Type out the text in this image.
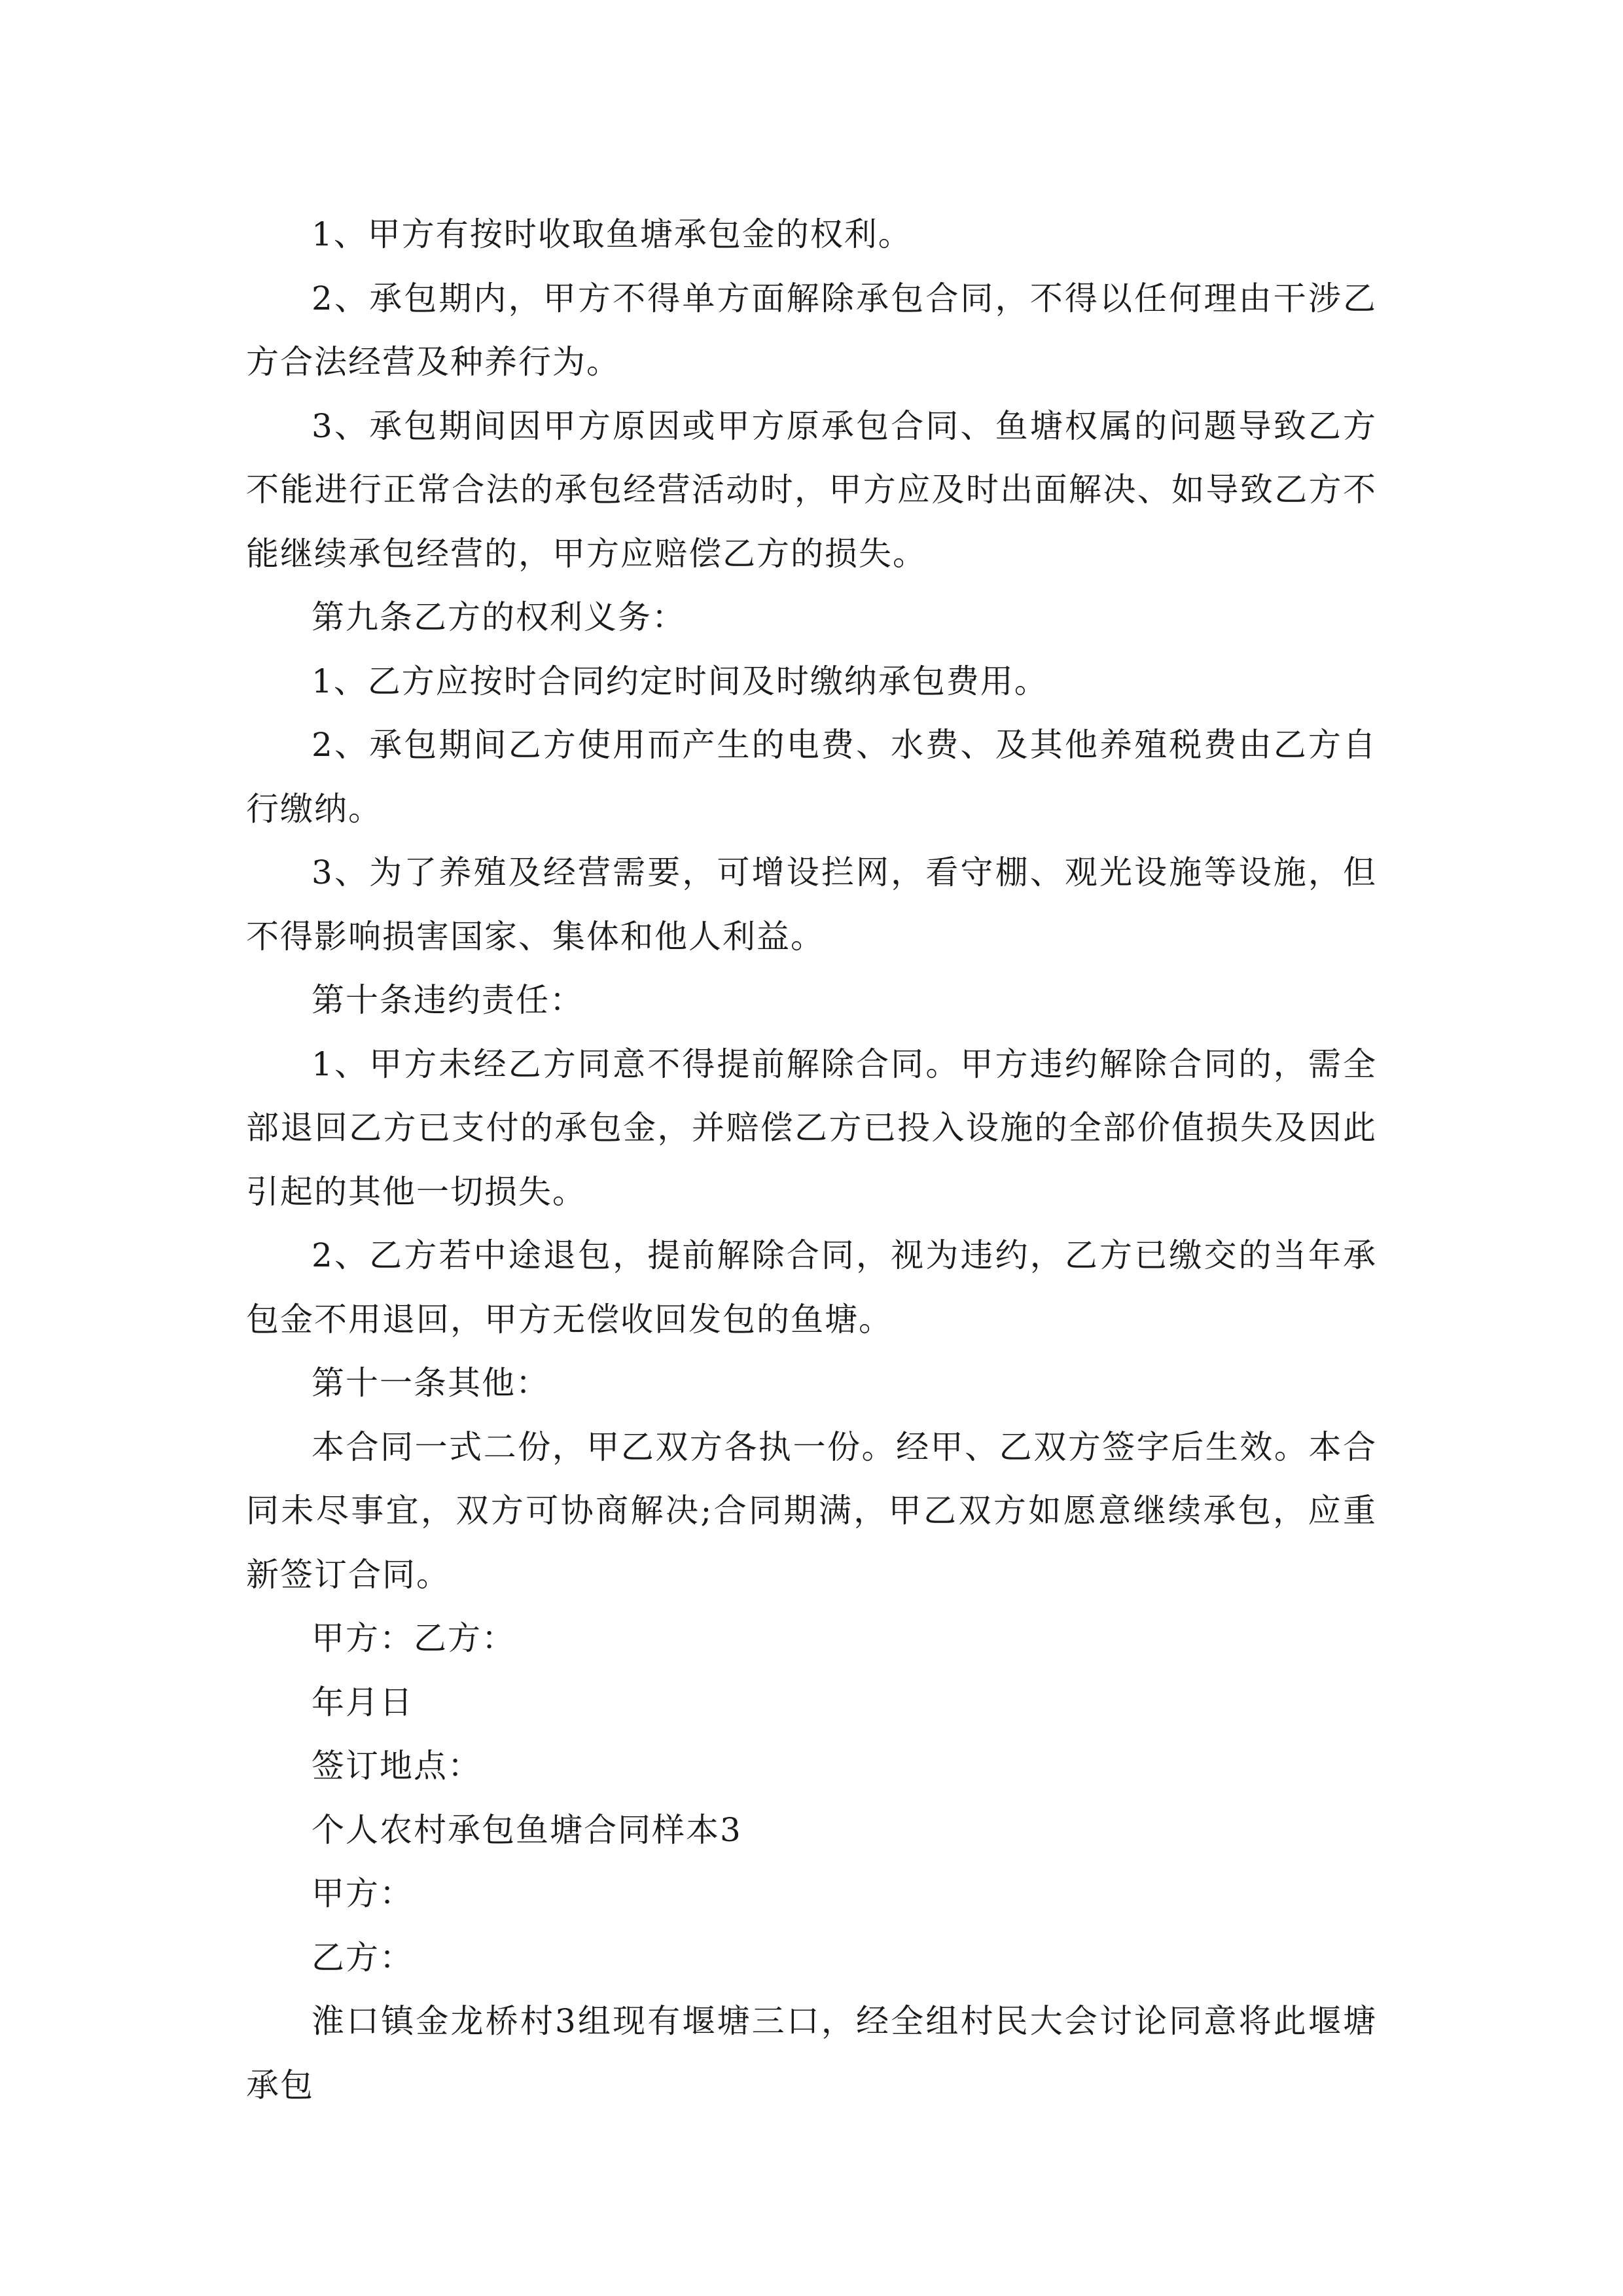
1、甲方有按时收取鱼塘承包金的权利。

2、承包期内，甲方不得单方面解除承包合同，不得以任何理由干涉乙方合法经营及种养行为。

3、承包期间因甲方原因或甲方原承包合同、鱼塘权属的问题导致乙方不能进行正常合法的承包经营活动时，甲方应及时出面解决、如导致乙方不能继续承包经营的，甲方应赔偿乙方的损失。

第九条乙方的权利义务：

1、乙方应按时合同约定时间及时缴纳承包费用。

2、承包期间乙方使用而产生的电费、水费、及其他养殖税费由乙方自行缴纳。

3、为了养殖及经营需要，可增设拦网，看守棚、观光设施等设施，但不得影响损害国家、集体和他人利益。

第十条违约责任：

1、甲方未经乙方同意不得提前解除合同。甲方违约解除合同的，需全部退回乙方已支付的承包金，并赔偿乙方已投入设施的全部价值损失及因此引起的其他一切损失。

2、乙方若中途退包，提前解除合同，视为违约，乙方已缴交的当年承包金不用退回，甲方无偿收回发包的鱼塘。

第十一条其他：

本合同一式二份，甲乙双方各执一份。经甲、乙双方签字后生效。本合同未尽事宜，双方可协商解决;合同期满，甲乙双方如愿意继续承包，应重新签订合同。

甲方：乙方：

年月日

签订地点：

个人农村承包鱼塘合同样本3

甲方：

乙方：

淮口镇金龙桥村3组现有堰塘三口，经全组村民大会讨论同意将此堰塘承包
